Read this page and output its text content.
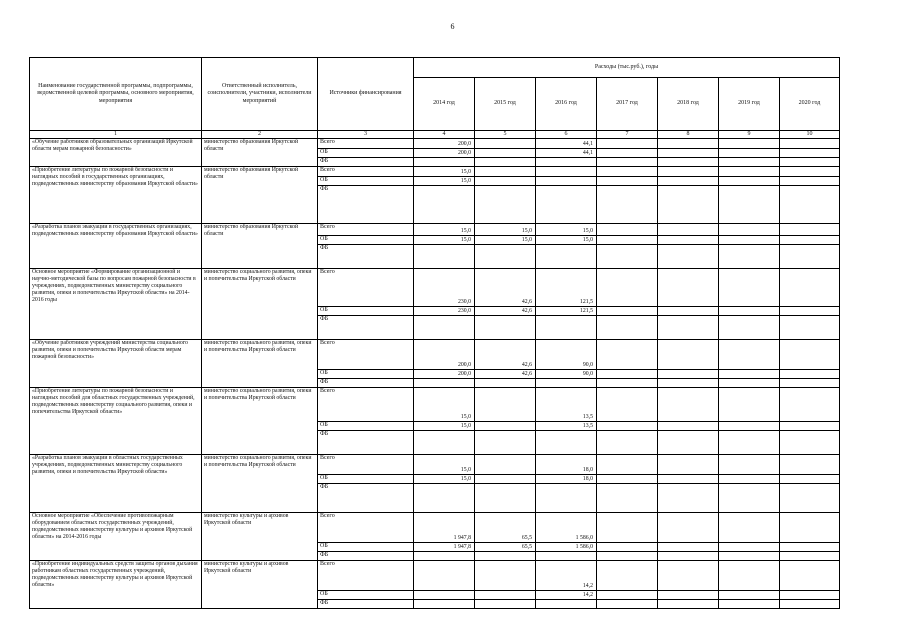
6
Наименование государственной программы, подпрограммы, ведомственной целевой программы, основного мероприятия, мероприятия	Ответственный исполнитель, соисполнители, участники, исполнители мероприятий	Источники финансирования	Расходы (тыс.руб.), годы						
			2014 год	2015 год	2016 год	2017 год	2018 год	2019 год	2020 год
1	2	3	4	5	6	7	8	9	10
«Обучение работников образовательных организаций Иркутской области мерам пожарной безопасности»	министерство образования Иркутской области	Всего	200,0		44,1				
		ОБ	200,0		44,1				
		ФБ							
«Приобретение литературы по пожарной безопасности и наглядных пособий в государственных организациях, подведомственных министерству образования Иркутской области»	министерство образования Иркутской области	Всего	15,0						
		ОБ	15,0						
		ФБ							
«Разработка планов эвакуации в государственных организациях, подведомственных министерству образования Иркутской области»	министерство образования Иркутской области	Всего	15,0	15,0	15,0				
		ОБ	15,0	15,0	15,0				
		ФБ							
Основное мероприятие «Формирование организационной и научно-методической базы по вопросам пожарной безопасности в учреждениях, подведомственных министерству социального развития, опеки и попечительства Иркутской области» на 2014-2016 годы	министерство социального развития, опеки и попечительства Иркутской области	Всего	230,0	42,6	121,5				
		ОБ	230,0	42,6	121,5				
		ФБ							
«Обучение работников учреждений министерства социального развития, опеки и попечительства Иркутской области мерам пожарной безопасности»	министерство социального развития, опеки и попечительства Иркутской области	Всего	200,0	42,6	90,0				
		ОБ	200,0	42,6	90,0				
		ФБ							
«Приобретение литературы по пожарной безопасности и наглядных пособий для областных государственных учреждений, подведомственных министерству социального развития, опеки и попечительства Иркутской области»	министерство социального развития, опеки и попечительства Иркутской области	Всего	15,0		13,5				
		ОБ	15,0		13,5				
		ФБ							
«Разработка планов эвакуации в областных государственных учреждениях, подведомственных министерству социального развития, опеки и попечительства Иркутской области»	министерство социального развития, опеки и попечительства Иркутской области	Всего	15,0		18,0				
		ОБ	15,0		18,0				
		ФБ							
Основное мероприятие «Обеспечение противопожарным оборудованием областных государственных учреждений, подведомственных министерству культуры и архивов Иркутской области» на 2014-2016 годы	министерство культуры и архивов Иркутской области	Всего	1 947,8	65,5	1 586,0				
		ОБ	1 947,8	65,5	1 586,0				
		ФБ							
«Приобретение индивидуальных средств защиты органов дыхания работникам областных государственных учреждений, подведомственных министерству культуры и архивов Иркутской области»	министерство культуры и архивов Иркутской области	Всего			14,2				
		ОБ			14,2				
		ФБ							
